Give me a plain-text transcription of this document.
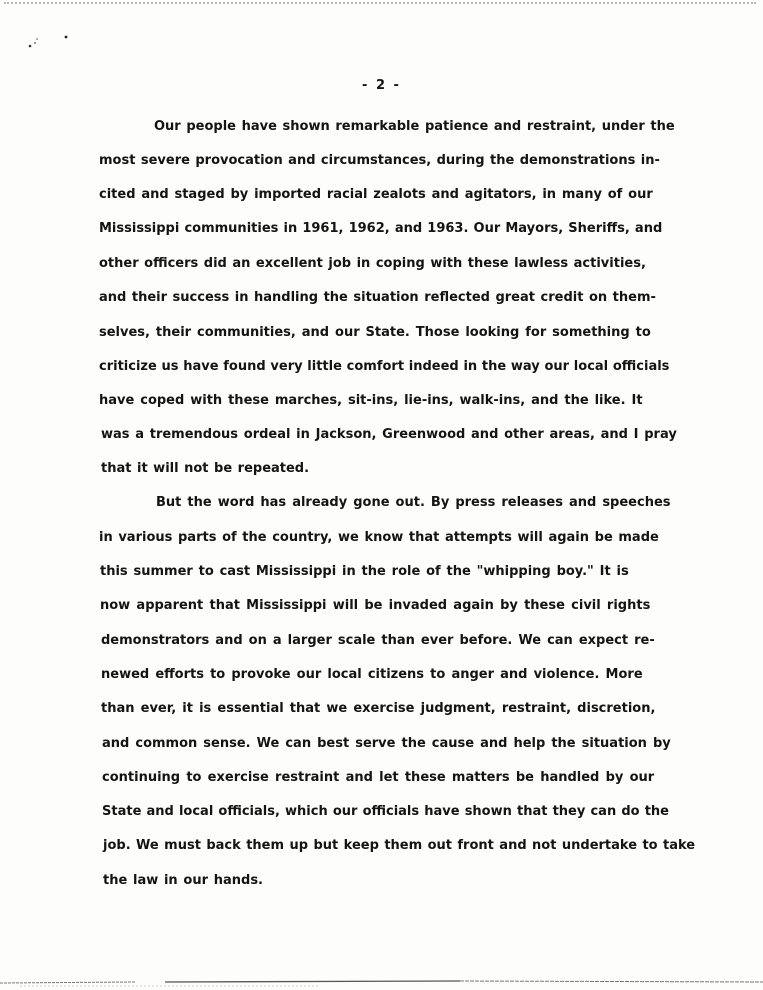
- 2 -
Our people have shown remarkable patience and restraint, under the
most severe provocation and circumstances, during the demonstrations in-
cited and staged by imported racial zealots and agitators, in many of our
Mississippi communities in 1961, 1962, and 1963. Our Mayors, Sheriffs, and
other officers did an excellent job in coping with these lawless activities,
and their success in handling the situation reflected great credit on them-
selves, their communities, and our State. Those looking for something to
criticize us have found very little comfort indeed in the way our local officials
have coped with these marches, sit-ins, lie-ins, walk-ins, and the like. It
was a tremendous ordeal in Jackson, Greenwood and other areas, and I pray
that it will not be repeated.
But the word has already gone out. By press releases and speeches
in various parts of the country, we know that attempts will again be made
this summer to cast Mississippi in the role of the "whipping boy." It is
now apparent that Mississippi will be invaded again by these civil rights
demonstrators and on a larger scale than ever before. We can expect re-
newed efforts to provoke our local citizens to anger and violence. More
than ever, it is essential that we exercise judgment, restraint, discretion,
and common sense. We can best serve the cause and help the situation by
continuing to exercise restraint and let these matters be handled by our
State and local officials, which our officials have shown that they can do the
job. We must back them up but keep them out front and not undertake to take
the law in our hands.
